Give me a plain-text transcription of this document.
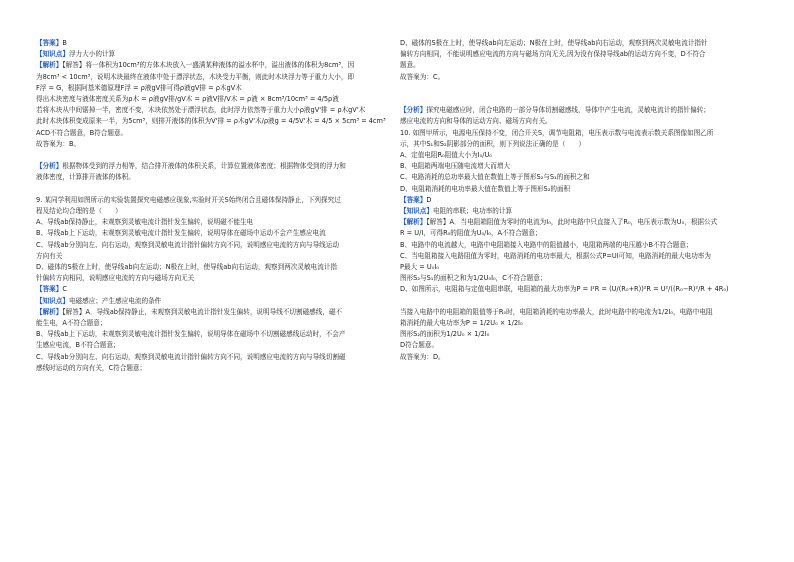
【答案】B

【知识点】浮力大小的计算

【解析】【解答】将一体积为10cm³的方体木块放入一盛满某种液体的溢水杯中，溢出液体的体积为8cm³，因

为8cm³ < 10cm³，说明木块最终在液体中处于漂浮状态，木块受力平衡，则此时木块浮力等于重力大小，即

F浮 = G，根据阿基米德原理F浮 = ρ液gV排可得ρ液gV排 = ρ木gV木

得出木块密度与液体密度关系为ρ木 = ρ液gV排/gV木 = ρ液V排/V木 = ρ液 × 8cm³/10cm³ = 4/5ρ液

若将木块从中间锯掉一半，密度不变，木块依然处于漂浮状态，此时浮力依然等于重力大小ρ液gV'排 = ρ木gV'木

此时木块体积变成原来一半，为5cm³，则排开液体的体积为V'排 = ρ木gV'木/ρ液g = 4/5V'木 = 4/5 × 5cm³ = 4cm³

ACD不符合题意，B符合题意。

故答案为：B。

【分析】根据物体受到的浮力相等，结合排开液体的体积关系，计算位置液体密度；根据物体受到的浮力和

液体密度，计算排开液体的体积。

9. 某同学利用如图所示的实验装置探究电磁感应现象,实验时开关S始终闭合且磁体保持静止，下列探究过

程及结论均合理的是（　　）

A、导线ab保持静止，未观察到灵敏电流计指针发生偏转，说明磁不能生电

B、导线ab上下运动，未观察到灵敏电流计指针发生偏转，说明导体在磁场中运动不会产生感应电流

C、导线ab分别向左、向右运动，观察到灵敏电流计指针偏转方向不同，说明感应电流的方向与导线运动

方向有关

D、磁体的S极在上时，使导线ab向左运动；N极在上时，使导线ab向右运动，观察到两次灵敏电流计指

针偏转方向相同，说明感应电流的方向与磁场方向无关

【答案】C

【知识点】电磁感应；产生感应电流的条件

【解析】【解答】A．导线ab保持静止，未观察到灵敏电流计指针发生偏转，说明导线不切割磁感线，磁不

能生电，A不符合题意；

B、导线ab上下运动，未观察到灵敏电流计指针发生偏转，说明导体在磁场中不切割磁感线运动时，不会产

生感应电流，B不符合题意；

C、导线ab分别向左、向右运动，观察到灵敏电流计指针偏转方向不同，说明感应电流的方向与导线切割磁

感线时运动的方向有关，C符合题意；

D、磁体的S极在上时，使导线ab向左运动；N极在上时，使导线ab向右运动，观察到两次灵敏电流计指针

偏转方向相同，不能说明感应电流的方向与磁场方向无关,因为没有保持导线ab的运动方向不变，D不符合

题意。

故答案为：C。

【分析】探究电磁感应时，闭合电路的一部分导体切割磁感线，导体中产生电流，灵敏电流计的指针偏转；

感应电流的方向和导体的运动方向、磁场方向有关。

10. 如图甲所示，电源电压保持不变，闭合开关S，调节电阻箱，电压表示数与电流表示数关系图像如图乙所

示，其中S₁和S₂阴影部分的面积，则下列说法正确的是（　　）

A、定值电阻R₀阻值大小为I₀/U₀

B、电阻箱两端电压随电流增大而增大

C、电路消耗的总功率最大值在数值上等于图形S₂与S₁的面积之和

D、电阻箱消耗的电功率最大值在数值上等于图形S₂的面积

【答案】D

【知识点】电阻的串联；电功率的计算

【解析】【解答】A．当电阻箱阻值为零时的电流为I₀，此时电路中只直接入了R₀，电压表示数为U₀，根据公式

R = U/I，可得R₀的阻值为U₀/I₀，A不符合题意；

B、电路中的电流越大，电路中电阻箱接入电路中的阻值越小，电阻箱两端的电压越小B不符合题意；

C、当电阻箱接入电路阻值为零时，电路消耗的电功率最大，根据公式P=UI可知，电路消耗的最大电功率为

P最大 = U₀I₀

图形S₂与S₁的面积之和为1/2U₀I₀，C不符合题意；

D、如图所示，电阻箱与定值电阻串联，电阻箱的最大功率为P = I²R = (U/(R₀+R))²R = U²/((R₀−R)²/R + 4R₀)

当接入电路中的电阻箱的阻值等于R₀时，电阻箱消耗的电功率最大，此时电路中的电流为1/2I₀，电路中电阻

箱消耗的最大电功率为P = 1/2U₀ × 1/2I₀

图形S₂的面积为1/2U₀ × 1/2I₀

D符合题意。

故答案为：D。
